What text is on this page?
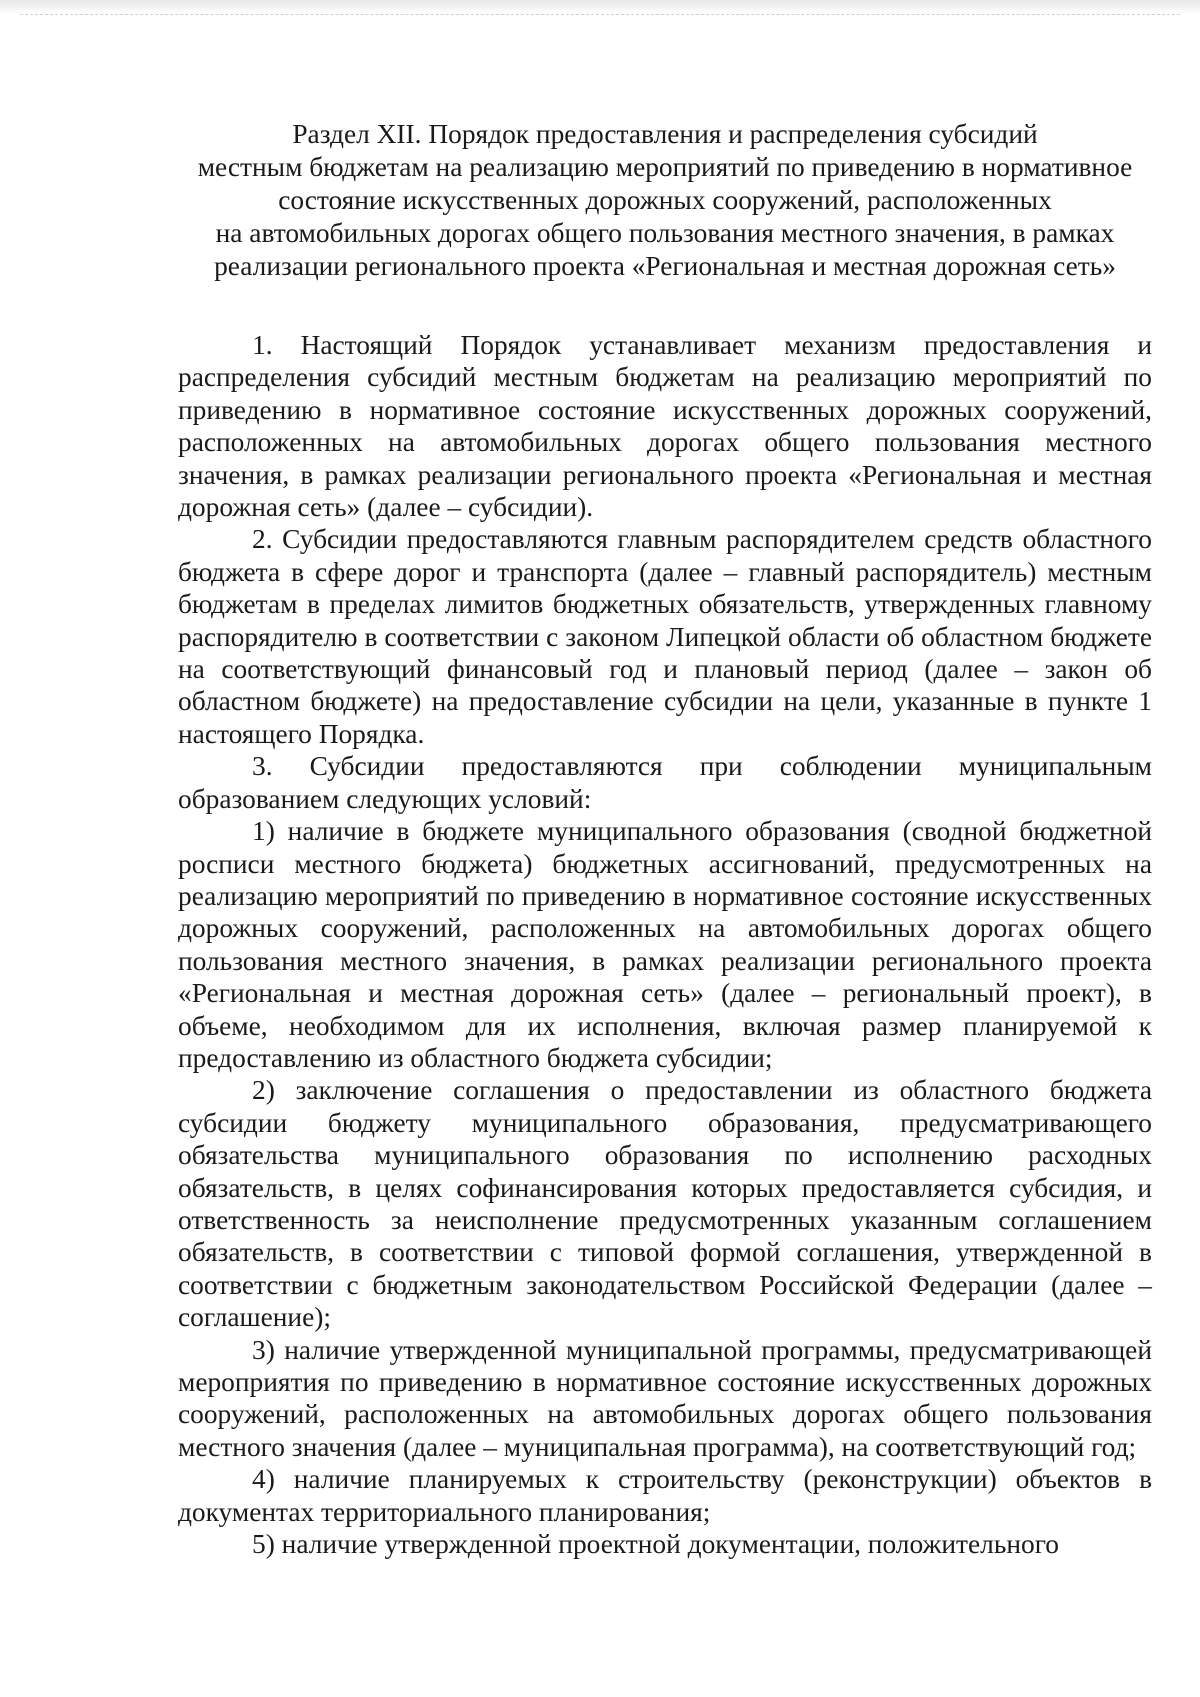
Раздел XII. Порядок предоставления и распределения субсидий
местным бюджетам на реализацию мероприятий по приведению в нормативное
состояние искусственных дорожных сооружений, расположенных
на автомобильных дорогах общего пользования местного значения, в рамках
реализации регионального проекта «Региональная и местная дорожная сеть»

1. Настоящий Порядок устанавливает механизм предоставления и распределения субсидий местным бюджетам на реализацию мероприятий по приведению в нормативное состояние искусственных дорожных сооружений, расположенных на автомобильных дорогах общего пользования местного значения, в рамках реализации регионального проекта «Региональная и местная дорожная сеть» (далее – субсидии).

2. Субсидии предоставляются главным распорядителем средств областного бюджета в сфере дорог и транспорта (далее – главный распорядитель) местным бюджетам в пределах лимитов бюджетных обязательств, утвержденных главному распорядителю в соответствии с законом Липецкой области об областном бюджете на соответствующий финансовый год и плановый период (далее – закон об областном бюджете) на предоставление субсидии на цели, указанные в пункте 1 настоящего Порядка.

3. Субсидии предоставляются при соблюдении муниципальным образованием следующих условий:

1) наличие в бюджете муниципального образования (сводной бюджетной росписи местного бюджета) бюджетных ассигнований, предусмотренных на реализацию мероприятий по приведению в нормативное состояние искусственных дорожных сооружений, расположенных на автомобильных дорогах общего пользования местного значения, в рамках реализации регионального проекта «Региональная и местная дорожная сеть» (далее – региональный проект), в объеме, необходимом для их исполнения, включая размер планируемой к предоставлению из областного бюджета субсидии;

2) заключение соглашения о предоставлении из областного бюджета субсидии бюджету муниципального образования, предусматривающего обязательства муниципального образования по исполнению расходных обязательств, в целях софинансирования которых предоставляется субсидия, и ответственность за неисполнение предусмотренных указанным соглашением обязательств, в соответствии с типовой формой соглашения, утвержденной в соответствии с бюджетным законодательством Российской Федерации (далее – соглашение);

3) наличие утвержденной муниципальной программы, предусматривающей мероприятия по приведению в нормативное состояние искусственных дорожных сооружений, расположенных на автомобильных дорогах общего пользования местного значения (далее – муниципальная программа), на соответствующий год;

4) наличие планируемых к строительству (реконструкции) объектов в документах территориального планирования;

5) наличие утвержденной проектной документации, положительного
